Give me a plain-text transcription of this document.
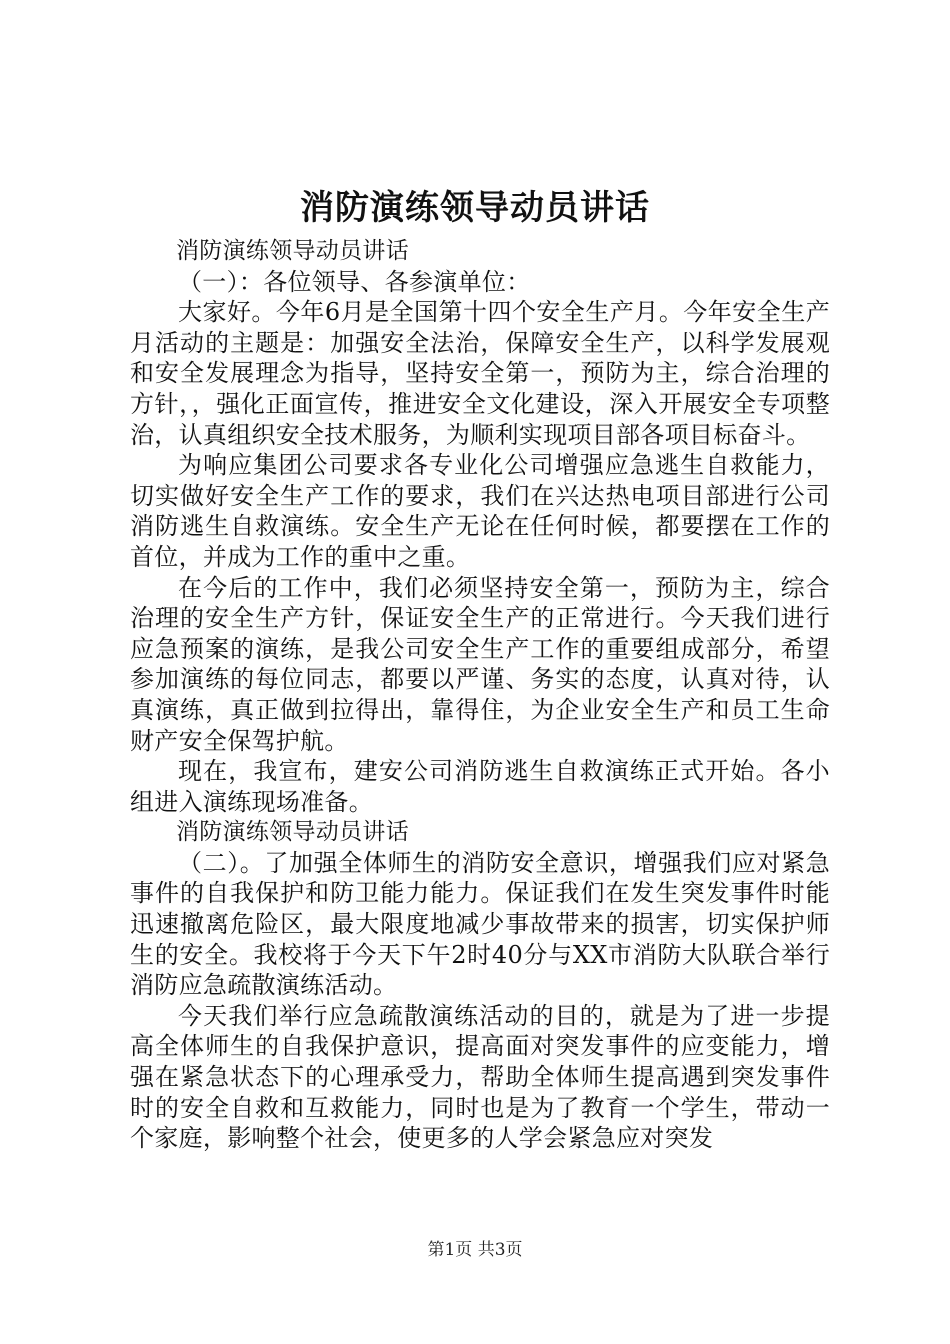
消防演练领导动员讲话

消防演练领导动员讲话

（一）：各位领导、各参演单位：

大家好。今年6月是全国第十四个安全生产月。今年安全生产月活动的主题是：加强安全法治，保障安全生产，以科学发展观和安全发展理念为指导，坚持安全第一，预防为主，综合治理的方针，，强化正面宣传，推进安全文化建设，深入开展安全专项整治，认真组织安全技术服务，为顺利实现项目部各项目标奋斗。

为响应集团公司要求各专业化公司增强应急逃生自救能力，切实做好安全生产工作的要求，我们在兴达热电项目部进行公司消防逃生自救演练。安全生产无论在任何时候，都要摆在工作的首位，并成为工作的重中之重。

在今后的工作中，我们必须坚持安全第一，预防为主，综合治理的安全生产方针，保证安全生产的正常进行。今天我们进行应急预案的演练，是我公司安全生产工作的重要组成部分，希望参加演练的每位同志，都要以严谨、务实的态度，认真对待，认真演练，真正做到拉得出，靠得住，为企业安全生产和员工生命财产安全保驾护航。

现在，我宣布，建安公司消防逃生自救演练正式开始。各小组进入演练现场准备。

消防演练领导动员讲话

（二）。了加强全体师生的消防安全意识，增强我们应对紧急事件的自我保护和防卫能力能力。保证我们在发生突发事件时能迅速撤离危险区，最大限度地减少事故带来的损害，切实保护师生的安全。我校将于今天下午2时40分与XX市消防大队联合举行消防应急疏散演练活动。

今天我们举行应急疏散演练活动的目的，就是为了进一步提高全体师生的自我保护意识，提高面对突发事件的应变能力，增强在紧急状态下的心理承受力，帮助全体师生提高遇到突发事件时的安全自救和互救能力，同时也是为了教育一个学生，带动一个家庭，影响整个社会，使更多的人学会紧急应对突发

第1页 共3页
